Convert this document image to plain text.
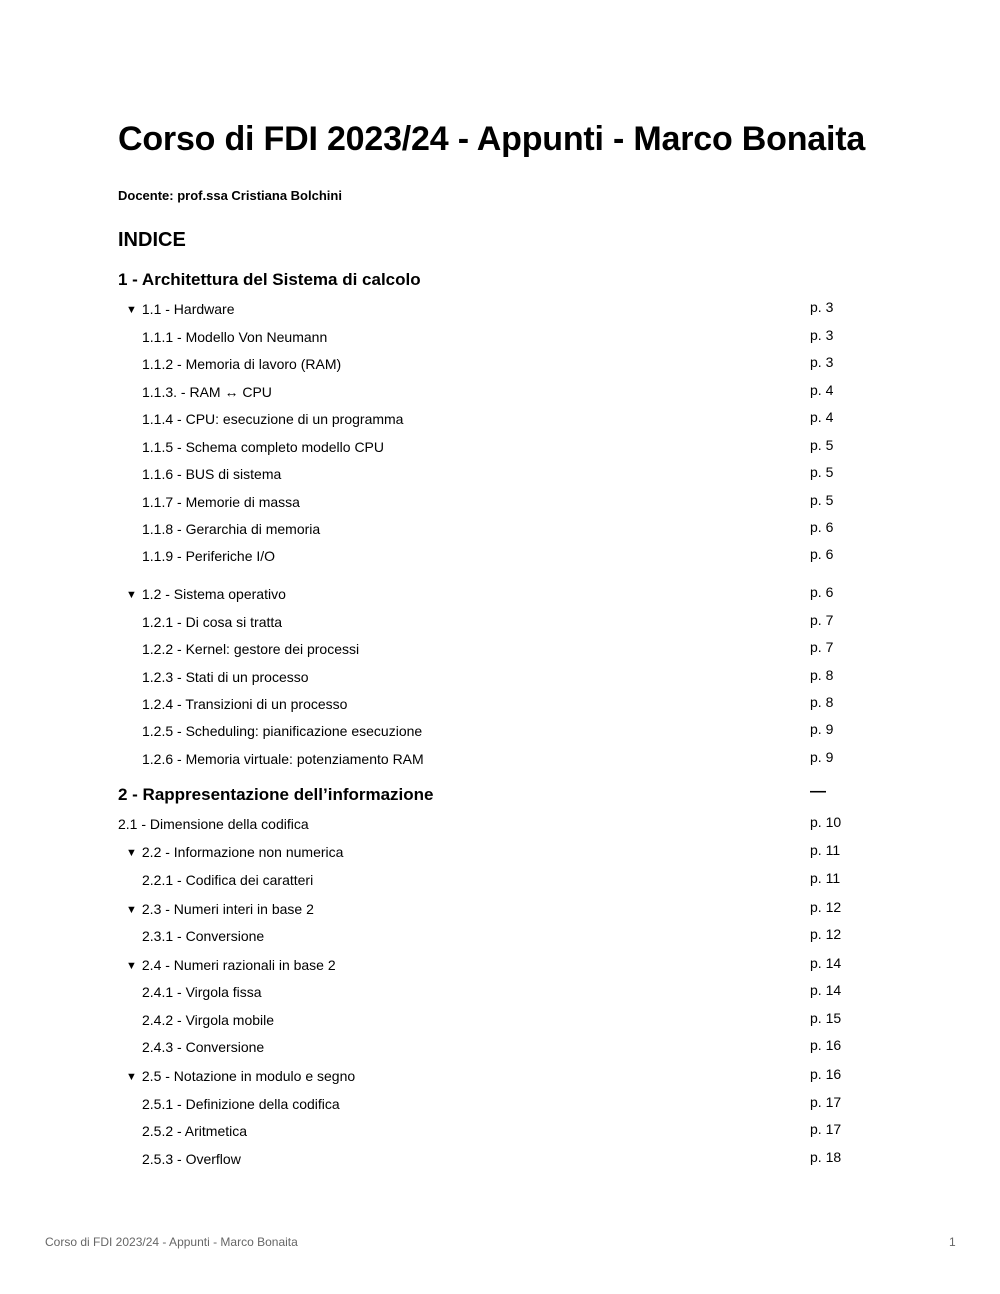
Corso di FDI 2023/24 - Appunti - Marco Bonaita
Docente: prof.ssa Cristiana Bolchini
INDICE
1 - Architettura del Sistema di calcolo
▼ 1.1 - Hardware	p. 3
1.1.1 - Modello Von Neumann	p. 3
1.1.2 - Memoria di lavoro (RAM)	p. 3
1.1.3. - RAM ↔ CPU	p. 4
1.1.4 - CPU: esecuzione di un programma	p. 4
1.1.5 - Schema completo modello CPU	p. 5
1.1.6 - BUS di sistema	p. 5
1.1.7 - Memorie di massa	p. 5
1.1.8 - Gerarchia di memoria	p. 6
1.1.9 - Periferiche I/O	p. 6
▼ 1.2 - Sistema operativo	p. 6
1.2.1 - Di cosa si tratta	p. 7
1.2.2 - Kernel: gestore dei processi	p. 7
1.2.3 - Stati di un processo	p. 8
1.2.4 - Transizioni di un processo	p. 8
1.2.5 - Scheduling: pianificazione esecuzione	p. 9
1.2.6 - Memoria virtuale: potenziamento RAM	p. 9
2 - Rappresentazione dell’informazione	—
2.1 - Dimensione della codifica	p. 10
▼ 2.2 - Informazione non numerica	p. 11
2.2.1 - Codifica dei caratteri	p. 11
▼ 2.3 - Numeri interi in base 2	p. 12
2.3.1 - Conversione	p. 12
▼ 2.4 - Numeri razionali in base 2	p. 14
2.4.1 - Virgola fissa	p. 14
2.4.2 - Virgola mobile	p. 15
2.4.3 - Conversione	p. 16
▼ 2.5 - Notazione in modulo e segno	p. 16
2.5.1 - Definizione della codifica	p. 17
2.5.2 - Aritmetica	p. 17
2.5.3 - Overflow	p. 18
Corso di FDI 2023/24 - Appunti - Marco Bonaita	1
